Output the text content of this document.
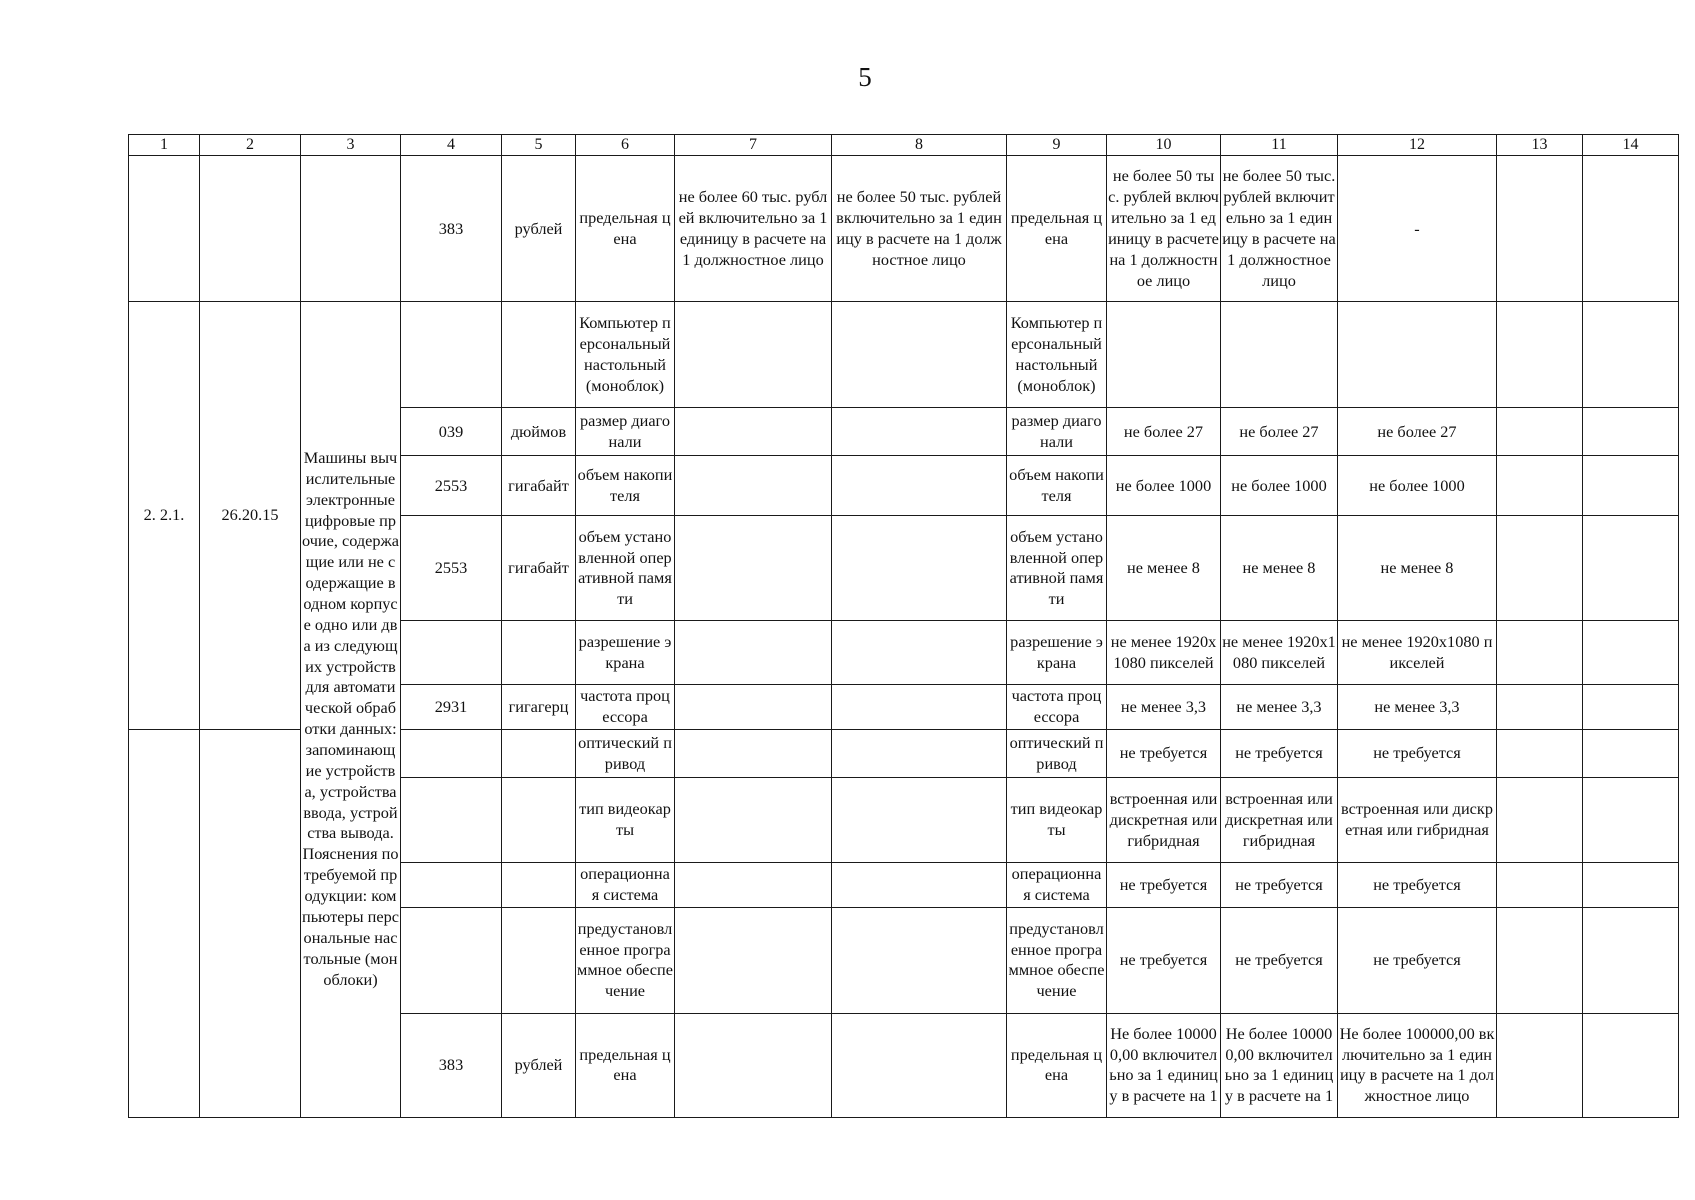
5
1	2	3	4	5	6	7	8	9	10	11	12	13	14
			383	рублей	предельная цена	не более 60 тыс. рублей включительно за 1 единицу в расчете на 1 должностное лицо	не более 50 тыс. рублей включительно за 1 единицу в расчете на 1 должностное лицо	предельная цена	не более 50 тыс. рублей включительно за 1 единицу в расчете на 1 должностное лицо	не более 50 тыс. рублей включительно за 1 единицу в расчете на 1 должностное лицо	-		
2. 2.1.	26.20.15	Машины вычислительные электронные цифровые прочие, содержащие или не содержащие в одном корпусе одно или два из следующих устройств для автоматической обработки данных: запоминающие устройства, устройства ввода, устройства вывода. Пояснения по требуемой продукции: компьютеры персональные настольные (моноблоки)			Компьютер персональный настольный (моноблок)			Компьютер персональный настольный (моноблок)					
			039	дюймов	размер диагонали			размер диагонали	не более 27	не более 27	не более 27		
			2553	гигабайт	объем накопителя			объем накопителя	не более 1000	не более 1000	не более 1000		
			2553	гигабайт	объем установленной оперативной памяти			объем установленной оперативной памяти	не менее 8	не менее 8	не менее 8		
					разрешение экрана			разрешение экрана	не менее 1920x1080 пикселей	не менее 1920x1080 пикселей	не менее 1920x1080 пикселей		
			2931	гигагерц	частота процессора			частота процессора	не менее 3,3	не менее 3,3	не менее 3,3		
					оптический привод			оптический привод	не требуется	не требуется	не требуется		
					тип видеокарты			тип видеокарты	встроенная или дискретная или гибридная	встроенная или дискретная или гибридная	встроенная или дискретная или гибридная		
					операционная система			операционная система	не требуется	не требуется	не требуется		
					предустановленное программное обеспечение			предустановленное программное обеспечение	не требуется	не требуется	не требуется		
			383	рублей	предельная цена			предельная цена	Не более 100000,00 включительно за 1 единицу в расчете на 1	Не более 100000,00 включительно за 1 единицу в расчете на 1	Не более 100000,00 включительно за 1 единицу в расчете на 1 должностное лицо		
